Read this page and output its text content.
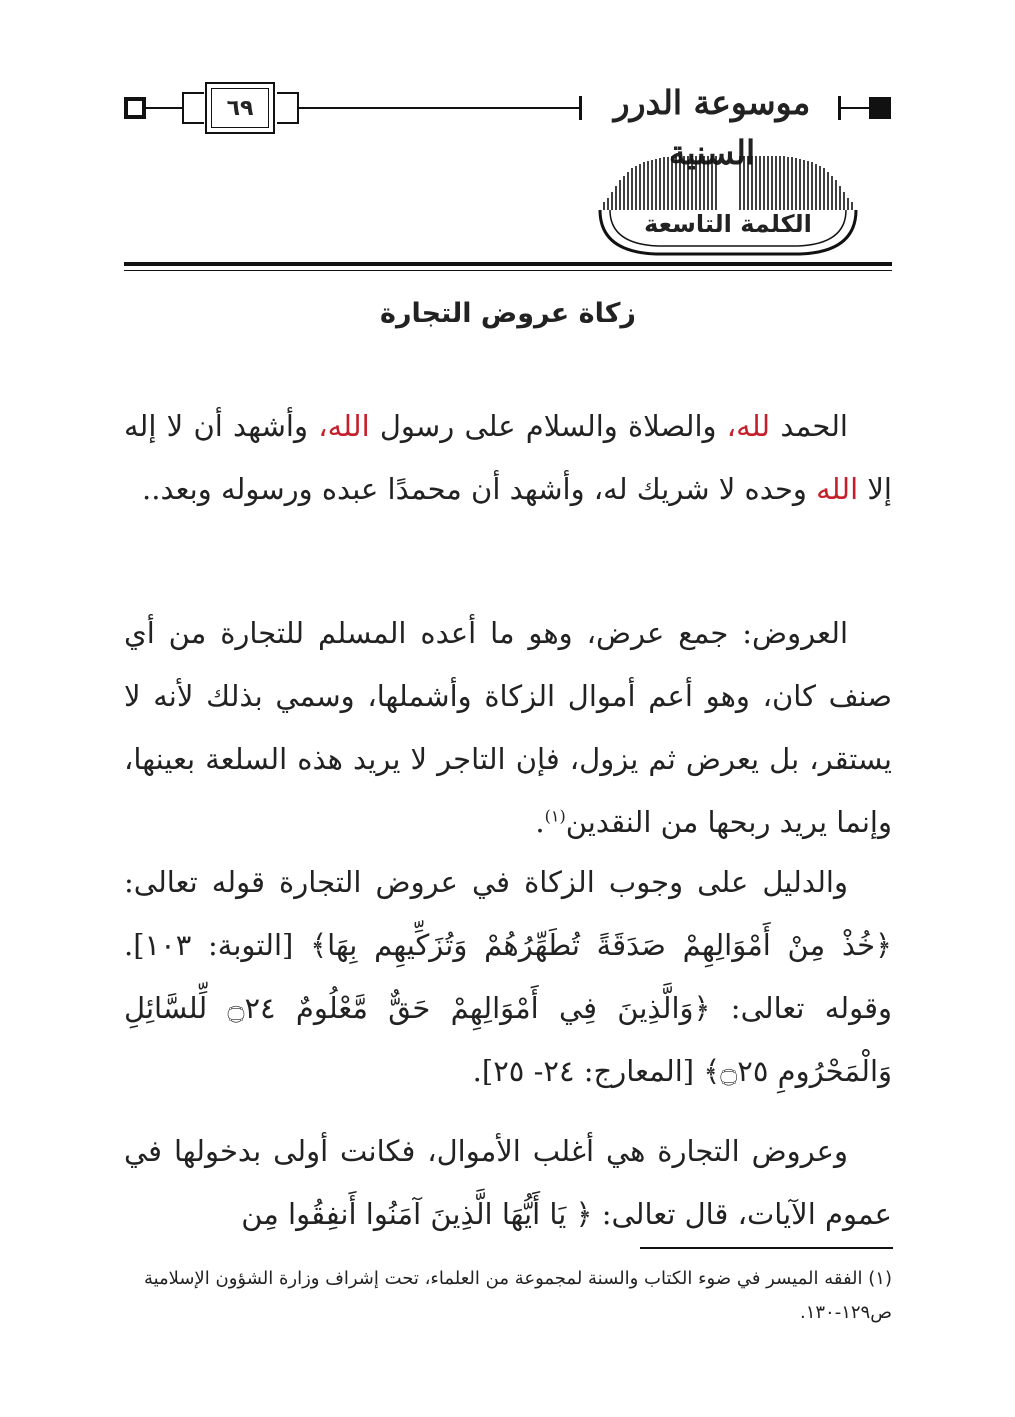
٦٩	موسوعة الدرر السنية
الكلمة التاسعة
زكاة عروض التجارة
الحمد لله، والصلاة والسلام على رسول الله، وأشهد أن لا إله إلا الله وحده لا شريك له، وأشهد أن محمدًا عبده ورسوله وبعد..
العروض: جمع عرض، وهو ما أعده المسلم للتجارة من أي صنف كان، وهو أعم أموال الزكاة وأشملها، وسمي بذلك لأنه لا يستقر، بل يعرض ثم يزول، فإن التاجر لا يريد هذه السلعة بعينها، وإنما يريد ربحها من النقدين$^{(١)}$.
والدليل على وجوب الزكاة في عروض التجارة قوله تعالى: ﴿خُذْ مِنْ أَمْوَالِهِمْ صَدَقَةً تُطَهِّرُهُمْ وَتُزَكِّيهِم بِهَا﴾ [التوبة: ١٠٣]. وقوله تعالى: ﴿وَالَّذِينَ فِي أَمْوَالِهِمْ حَقٌّ مَّعْلُومٌ ۝٢٤ لِّلسَّائِلِ وَالْمَحْرُومِ ۝٢٥﴾ [المعارج: ٢٤- ٢٥].
وعروض التجارة هي أغلب الأموال، فكانت أولى بدخولها في عموم الآيات، قال تعالى: ﴿ يَا أَيُّهَا الَّذِينَ آمَنُوا أَنفِقُوا مِن
(١) الفقه الميسر في ضوء الكتاب والسنة لمجموعة من العلماء، تحت إشراف وزارة الشؤون الإسلامية ص١٢٩-١٣٠.
